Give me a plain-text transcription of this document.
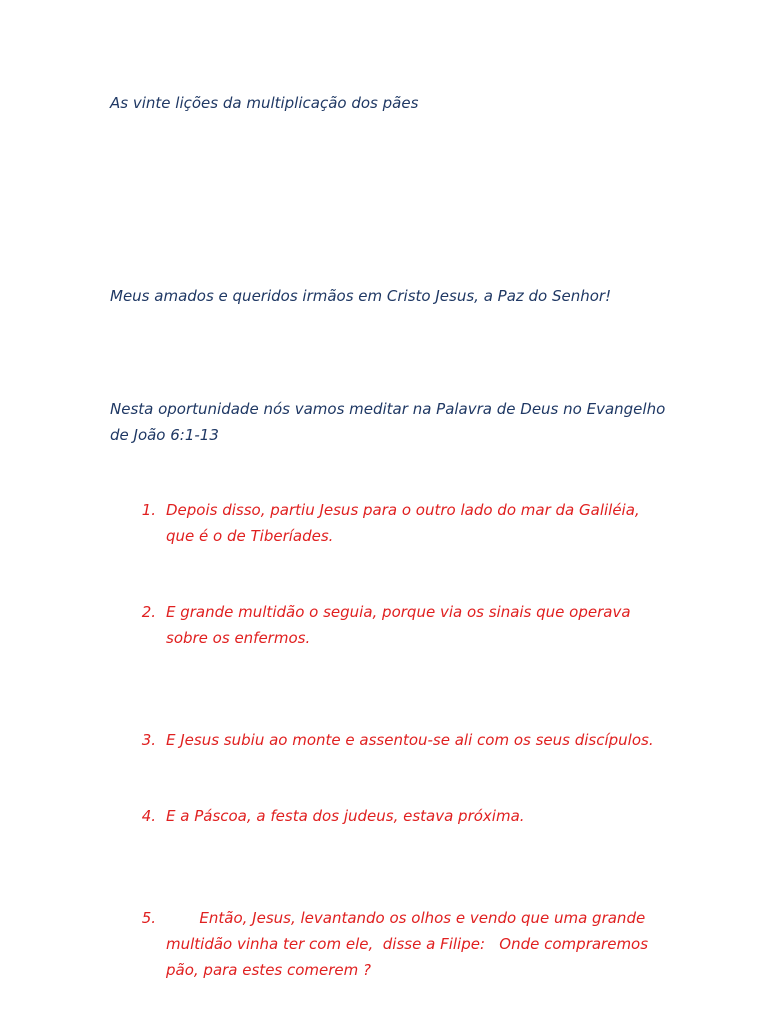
As vinte lições da multiplicação dos pães

Meus amados e queridos irmãos em Cristo Jesus, a Paz do Senhor!

Nesta oportunidade nós vamos meditar na Palavra de Deus no Evangelho de João 6:1-13

1. Depois disso, partiu Jesus para o outro lado do mar da Galiléia, que é o de Tiberíades.
2. E grande multidão o seguia, porque via os sinais que operava sobre os enfermos.
3. E Jesus subiu ao monte e assentou-se ali com os seus discípulos.
4. E a Páscoa, a festa dos judeus, estava próxima.
5. Então, Jesus, levantando os olhos e vendo que uma grande multidão vinha ter com ele,  disse a Filipe:   Onde compraremos pão, para estes comerem ?
